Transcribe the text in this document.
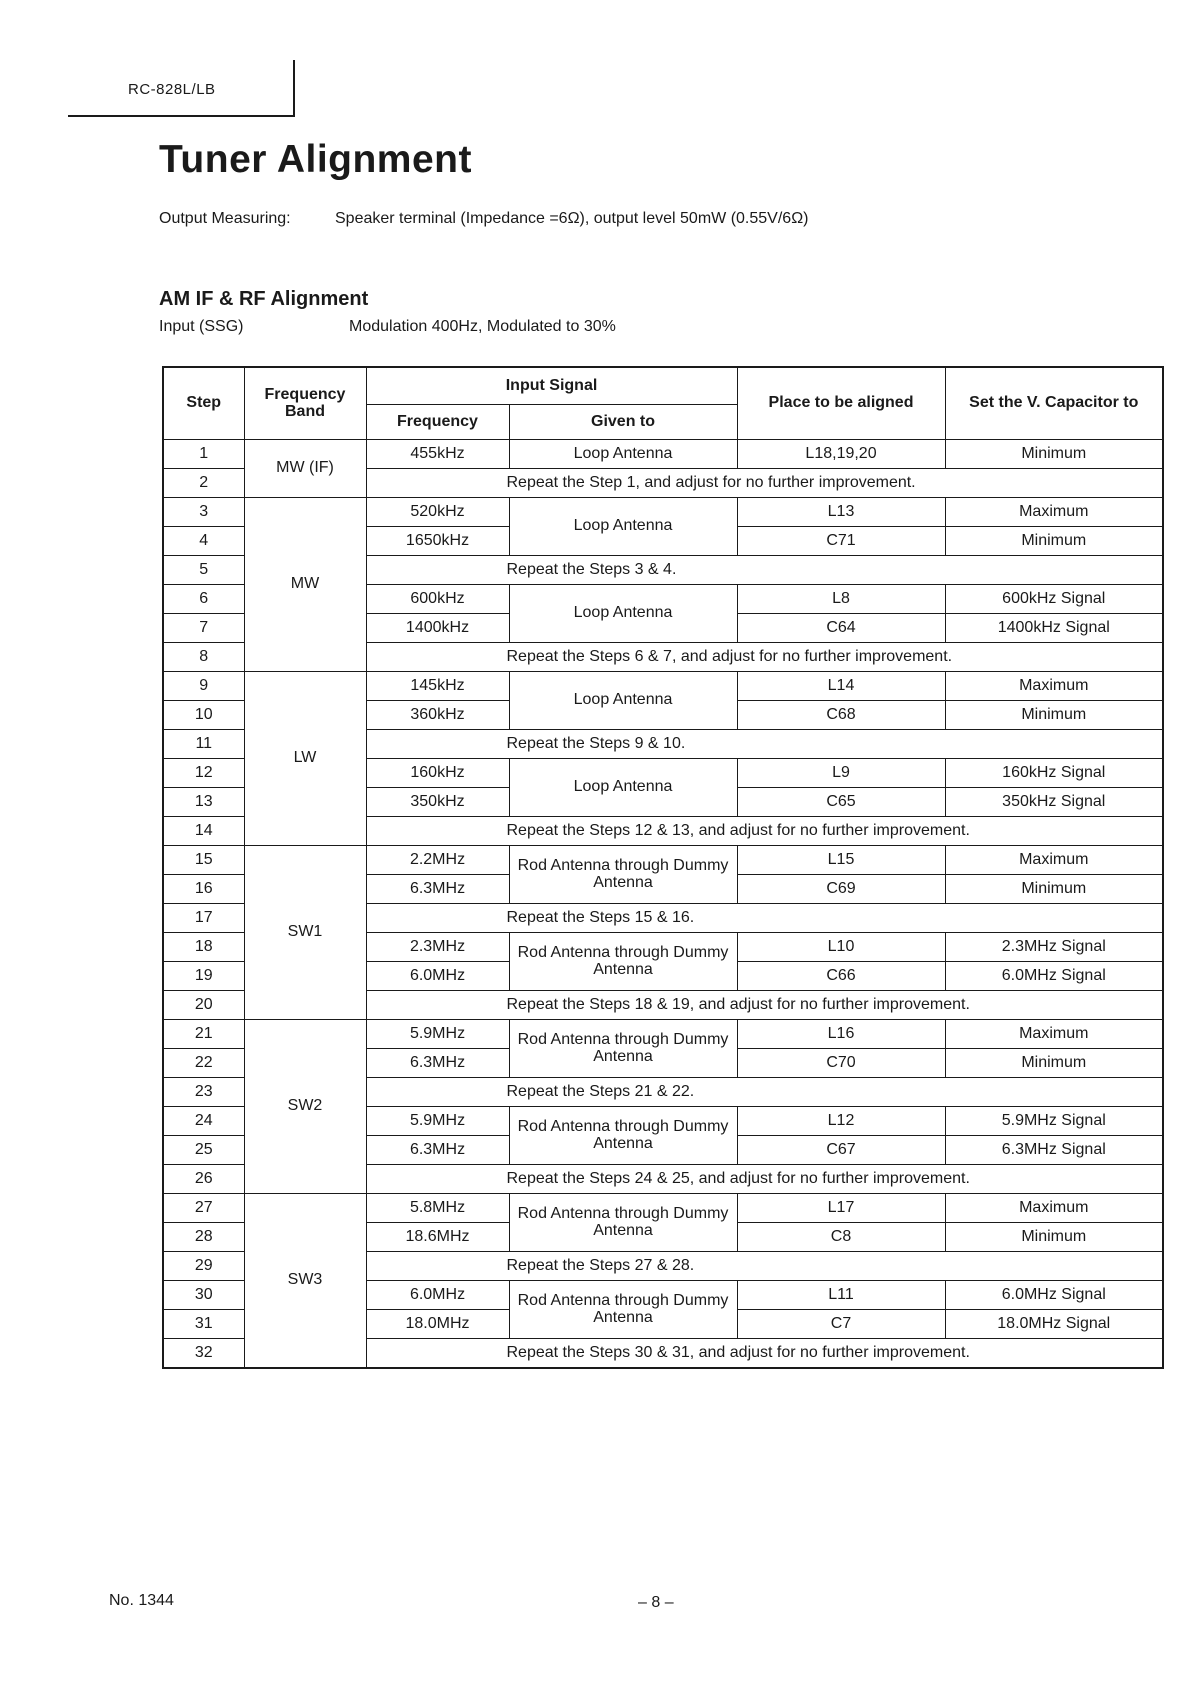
RC-828L/LB
Tuner Alignment
Output Measuring:	Speaker terminal (Impedance =6Ω), output level 50mW (0.55V/6Ω)
AM IF & RF Alignment
Input (SSG)	Modulation 400Hz, Modulated to 30%
Step	Frequency Band	Input Signal		Place to be aligned	Set the V. Capacitor to
		Frequency	Given to		
1	MW (IF)	455kHz	Loop Antenna	L18,19,20	Minimum
2		Repeat the Step 1, and adjust for no further improvement.			
3	MW	520kHz	Loop Antenna	L13	Maximum
4		1650kHz		C71	Minimum
5		Repeat the Steps 3 & 4.			
6		600kHz	Loop Antenna	L8	600kHz Signal
7		1400kHz		C64	1400kHz Signal
8		Repeat the Steps 6 & 7, and adjust for no further improvement.			
9	LW	145kHz	Loop Antenna	L14	Maximum
10		360kHz		C68	Minimum
11		Repeat the Steps 9 & 10.			
12		160kHz	Loop Antenna	L9	160kHz Signal
13		350kHz		C65	350kHz Signal
14		Repeat the Steps 12 & 13, and adjust for no further improvement.			
15	SW1	2.2MHz	Rod Antenna through Dummy Antenna	L15	Maximum
16		6.3MHz		C69	Minimum
17		Repeat the Steps 15 & 16.			
18		2.3MHz	Rod Antenna through Dummy Antenna	L10	2.3MHz Signal
19		6.0MHz		C66	6.0MHz Signal
20		Repeat the Steps 18 & 19, and adjust for no further improvement.			
21	SW2	5.9MHz	Rod Antenna through Dummy Antenna	L16	Maximum
22		6.3MHz		C70	Minimum
23		Repeat the Steps 21 & 22.			
24		5.9MHz	Rod Antenna through Dummy Antenna	L12	5.9MHz Signal
25		6.3MHz		C67	6.3MHz Signal
26		Repeat the Steps 24 & 25, and adjust for no further improvement.			
27	SW3	5.8MHz	Rod Antenna through Dummy Antenna	L17	Maximum
28		18.6MHz		C8	Minimum
29		Repeat the Steps 27 & 28.			
30		6.0MHz	Rod Antenna through Dummy Antenna	L11	6.0MHz Signal
31		18.0MHz		C7	18.0MHz Signal
32		Repeat the Steps 30 & 31, and adjust for no further improvement.			
No. 1344	– 8 –
